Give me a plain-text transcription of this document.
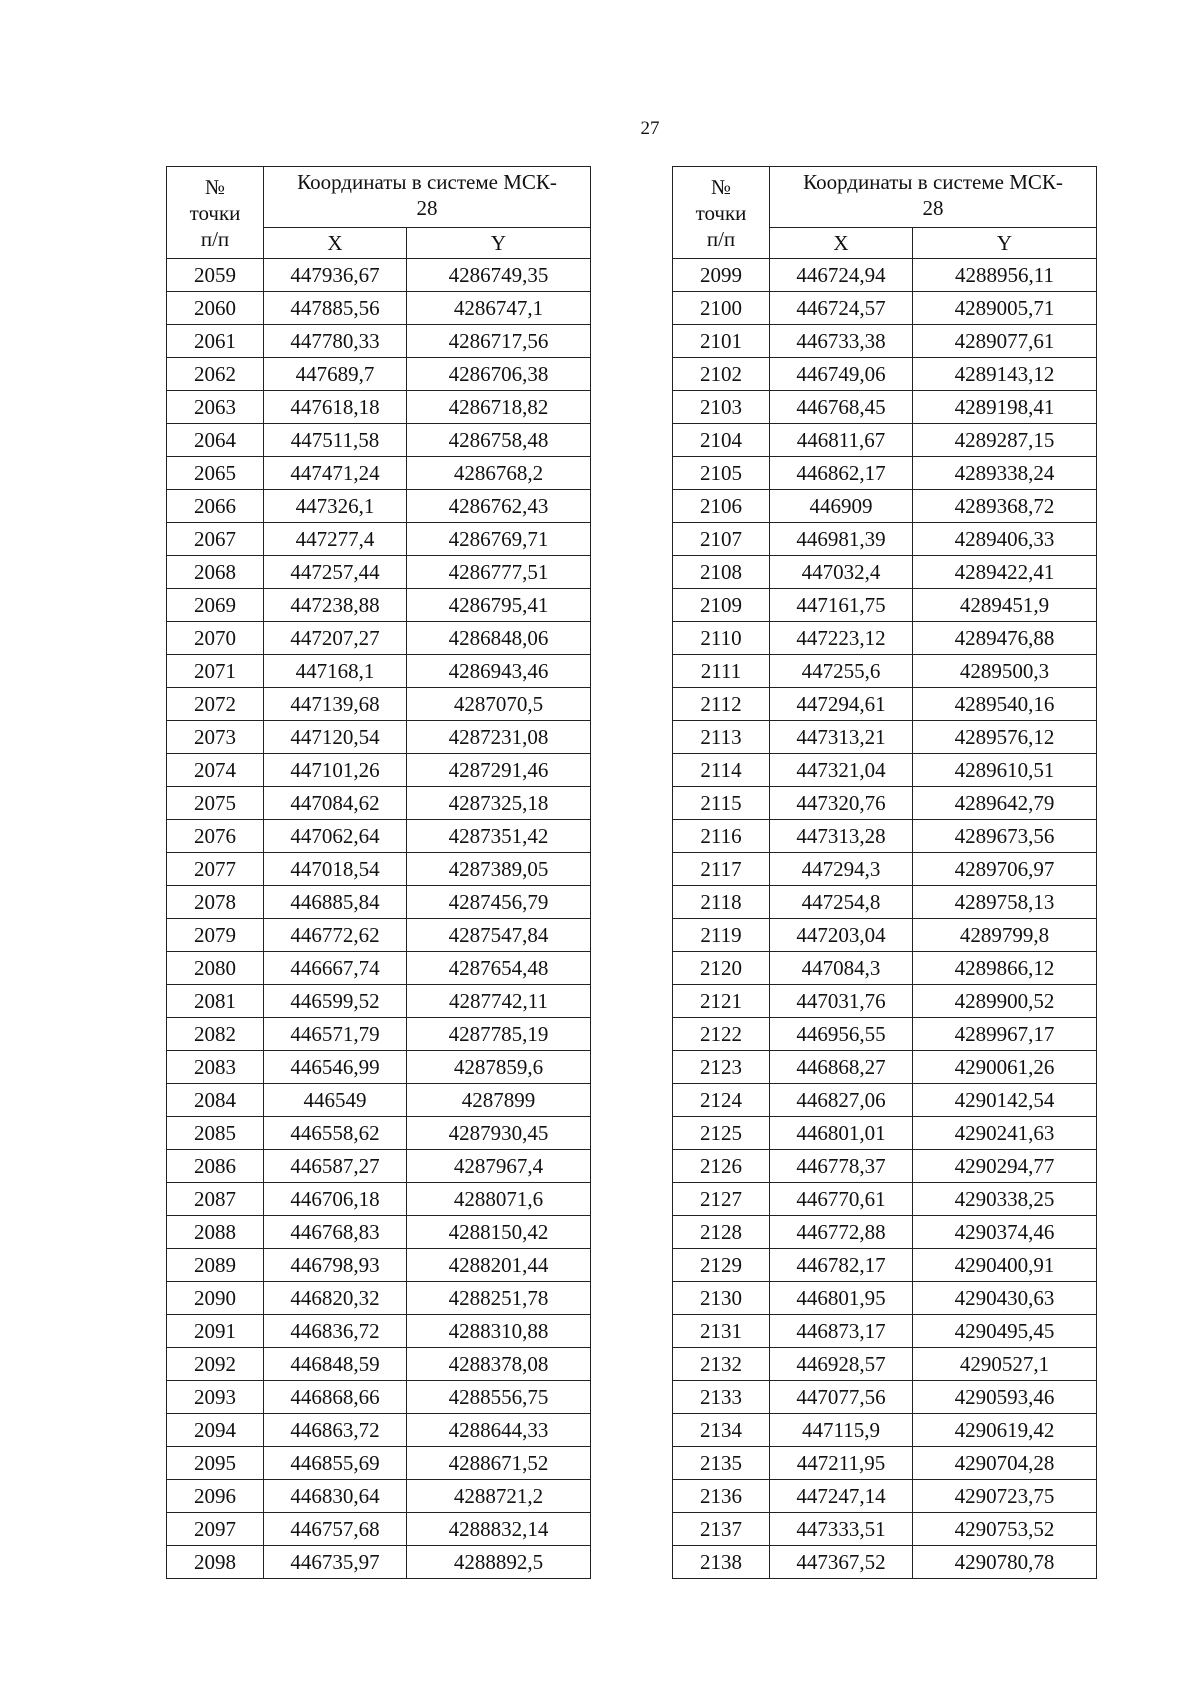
27
№
точки
п/п	Координаты в системе МСК-
28	

	X	Y
2059	447936,67	4286749,35
2060	447885,56	4286747,1
2061	447780,33	4286717,56
2062	447689,7	4286706,38
2063	447618,18	4286718,82
2064	447511,58	4286758,48
2065	447471,24	4286768,2
2066	447326,1	4286762,43
2067	447277,4	4286769,71
2068	447257,44	4286777,51
2069	447238,88	4286795,41
2070	447207,27	4286848,06
2071	447168,1	4286943,46
2072	447139,68	4287070,5
2073	447120,54	4287231,08
2074	447101,26	4287291,46
2075	447084,62	4287325,18
2076	447062,64	4287351,42
2077	447018,54	4287389,05
2078	446885,84	4287456,79
2079	446772,62	4287547,84
2080	446667,74	4287654,48
2081	446599,52	4287742,11
2082	446571,79	4287785,19
2083	446546,99	4287859,6
2084	446549	4287899
2085	446558,62	4287930,45
2086	446587,27	4287967,4
2087	446706,18	4288071,6
2088	446768,83	4288150,42
2089	446798,93	4288201,44
2090	446820,32	4288251,78
2091	446836,72	4288310,88
2092	446848,59	4288378,08
2093	446868,66	4288556,75
2094	446863,72	4288644,33
2095	446855,69	4288671,52
2096	446830,64	4288721,2
2097	446757,68	4288832,14
2098	446735,97	4288892,5
№
точки
п/п	Координаты в системе МСК-
28	

	X	Y
2099	446724,94	4288956,11
2100	446724,57	4289005,71
2101	446733,38	4289077,61
2102	446749,06	4289143,12
2103	446768,45	4289198,41
2104	446811,67	4289287,15
2105	446862,17	4289338,24
2106	446909	4289368,72
2107	446981,39	4289406,33
2108	447032,4	4289422,41
2109	447161,75	4289451,9
2110	447223,12	4289476,88
2111	447255,6	4289500,3
2112	447294,61	4289540,16
2113	447313,21	4289576,12
2114	447321,04	4289610,51
2115	447320,76	4289642,79
2116	447313,28	4289673,56
2117	447294,3	4289706,97
2118	447254,8	4289758,13
2119	447203,04	4289799,8
2120	447084,3	4289866,12
2121	447031,76	4289900,52
2122	446956,55	4289967,17
2123	446868,27	4290061,26
2124	446827,06	4290142,54
2125	446801,01	4290241,63
2126	446778,37	4290294,77
2127	446770,61	4290338,25
2128	446772,88	4290374,46
2129	446782,17	4290400,91
2130	446801,95	4290430,63
2131	446873,17	4290495,45
2132	446928,57	4290527,1
2133	447077,56	4290593,46
2134	447115,9	4290619,42
2135	447211,95	4290704,28
2136	447247,14	4290723,75
2137	447333,51	4290753,52
2138	447367,52	4290780,78
